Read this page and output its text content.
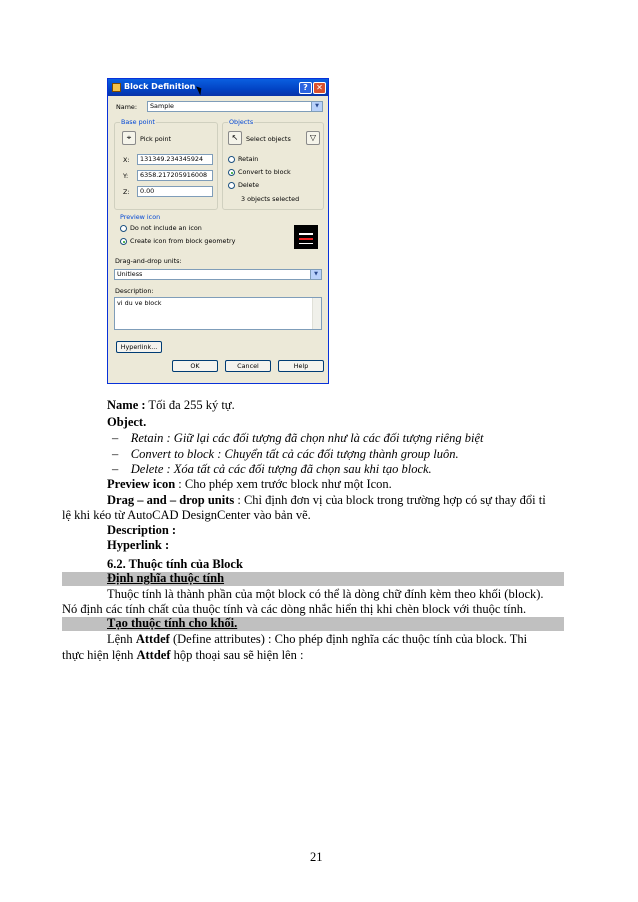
Block Definition	?	✕
Name:	Sample	▼
Base point
⌖	Pick point
X:	131349.234345924
Y:	6358.217205916008
Z:	0.00
Objects
↖	Select objects	▽
Retain
Convert to block
Delete
3 objects selected
Preview icon
Do not include an icon
Create icon from block geometry
Drag-and-drop units:
Unitless	▼
Description:
vi du ve block
Hyperlink...
OK	Cancel	Help
Name : Tối đa 255 ký tự.
Object.
–    Retain : Giữ lại các đối tượng đã chọn như là các đối tượng riêng biệt
–    Convert to block : Chuyển tất cả các đối tượng thành group luôn.
–    Delete : Xóa tất cả các đối tượng đã chọn sau khi tạo block.
Preview icon : Cho phép xem trước block như một Icon.
Drag – and – drop units : Chỉ định đơn vị của block trong trường hợp có sự thay đổi tỉ
lệ khi kéo từ AutoCAD DesignCenter vào bản vẽ.
Description :
Hyperlink :
6.2. Thuộc tính của Block
Định nghĩa thuộc tính
Thuộc tính là thành phần của một block có thể là dòng chữ đính kèm theo khối (block).
Nó định các tính chất của thuộc tính và các dòng nhắc hiển thị khi chèn block với thuộc tính.
Tạo thuộc tính cho khối.
Lệnh Attdef (Define attributes) : Cho phép định nghĩa các thuộc tính của block. Thi
thực hiện lệnh Attdef hộp thoại sau sẽ hiện lên :
21
